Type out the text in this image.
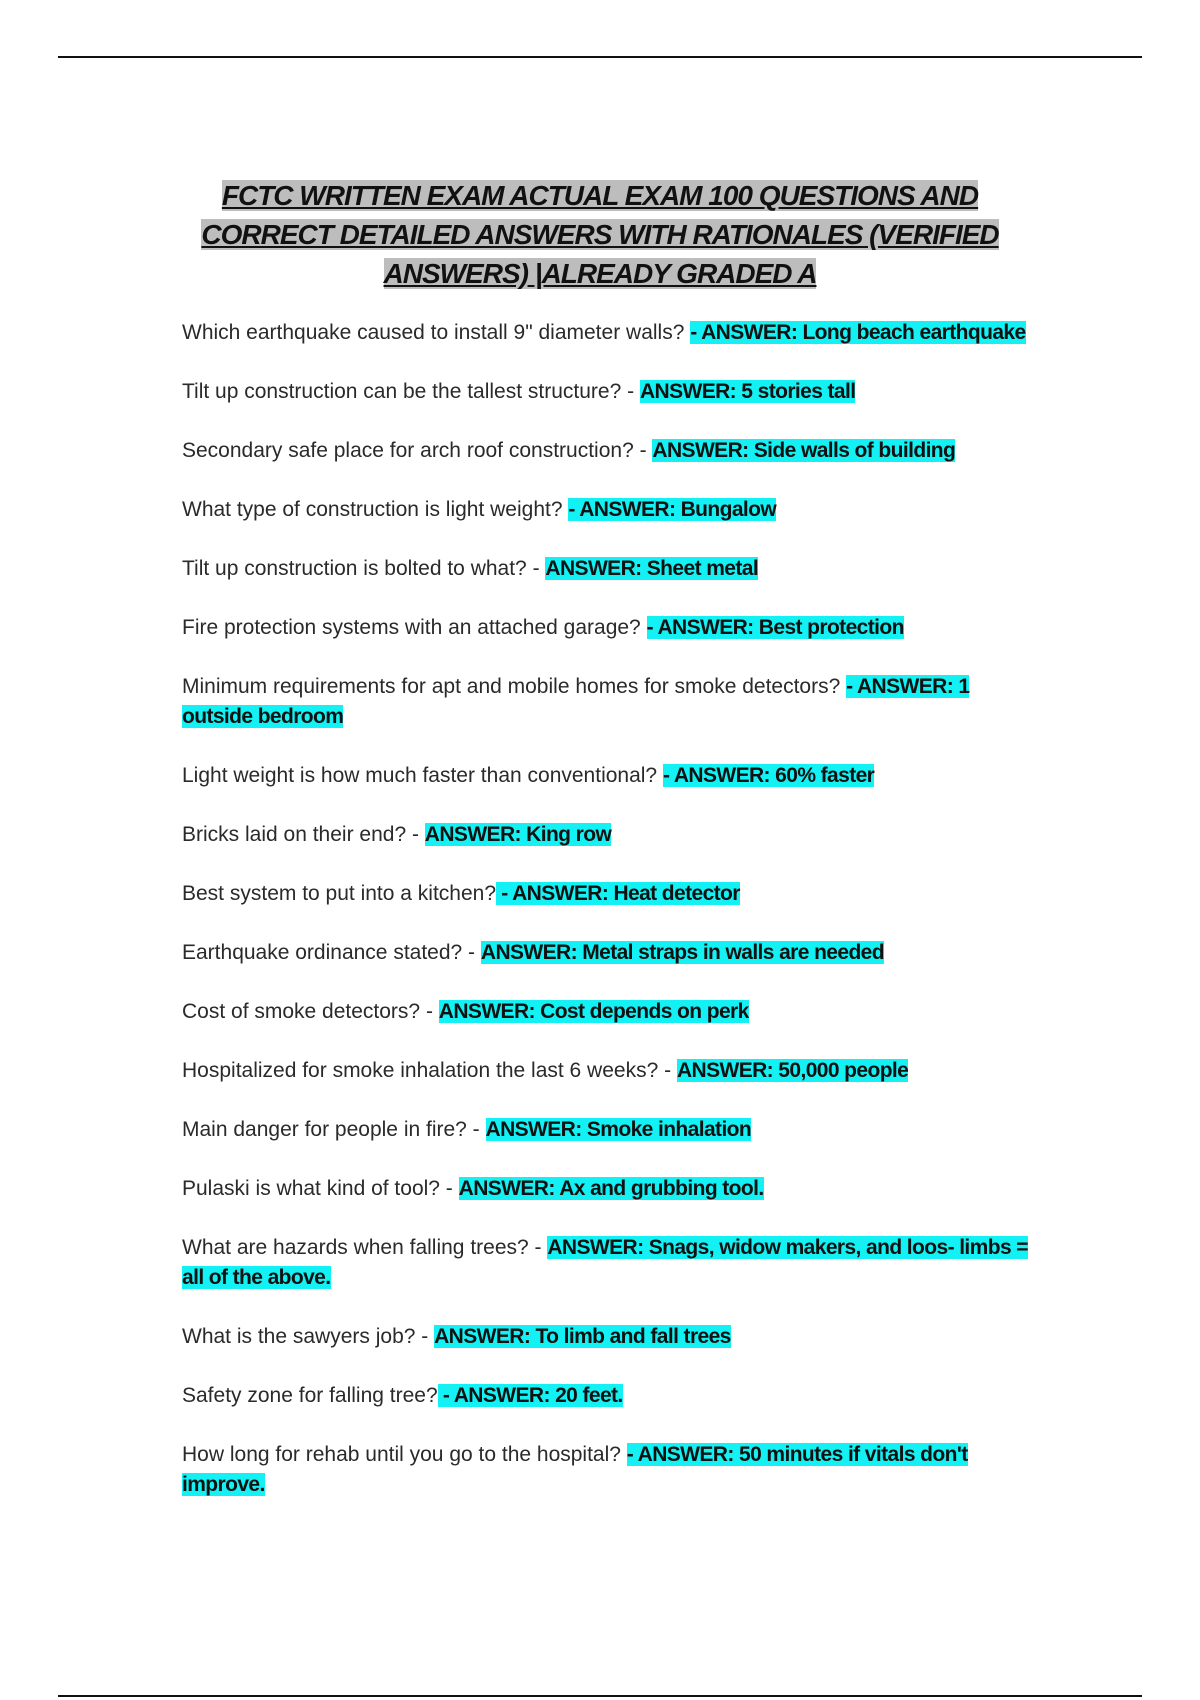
FCTC WRITTEN EXAM ACTUAL EXAM 100 QUESTIONS AND CORRECT DETAILED ANSWERS WITH RATIONALES (VERIFIED ANSWERS) |ALREADY GRADED A
Which earthquake caused to install 9" diameter walls? - ANSWER: Long beach earthquake
Tilt up construction can be the tallest structure? - ANSWER: 5 stories tall
Secondary safe place for arch roof construction? - ANSWER: Side walls of building
What type of construction is light weight? - ANSWER: Bungalow
Tilt up construction is bolted to what? - ANSWER: Sheet metal
Fire protection systems with an attached garage? - ANSWER: Best protection
Minimum requirements for apt and mobile homes for smoke detectors? - ANSWER: 1 outside bedroom
Light weight is how much faster than conventional? - ANSWER: 60% faster
Bricks laid on their end? - ANSWER: King row
Best system to put into a kitchen? - ANSWER: Heat detector
Earthquake ordinance stated? - ANSWER: Metal straps in walls are needed
Cost of smoke detectors? - ANSWER: Cost depends on perk
Hospitalized for smoke inhalation the last 6 weeks? - ANSWER: 50,000 people
Main danger for people in fire? - ANSWER: Smoke inhalation
Pulaski is what kind of tool? - ANSWER: Ax and grubbing tool.
What are hazards when falling trees? - ANSWER: Snags, widow makers, and loos- limbs = all of the above.
What is the sawyers job? - ANSWER: To limb and fall trees
Safety zone for falling tree? - ANSWER: 20 feet.
How long for rehab until you go to the hospital? - ANSWER: 50 minutes if vitals don't improve.
